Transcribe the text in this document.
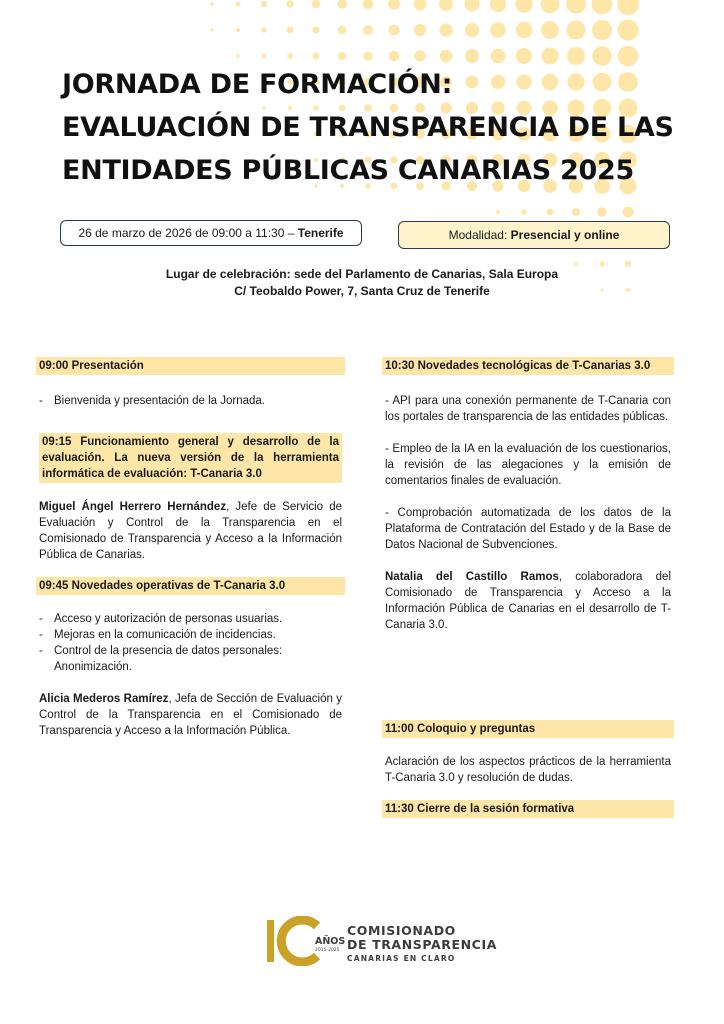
JORNADA DE FORMACIÓN:
EVALUACIÓN DE TRANSPARENCIA DE LAS
ENTIDADES PÚBLICAS CANARIAS 2025
26 de marzo de 2026 de 09:00 a 11:30 –
Tenerife	Modalidad:
Presencial y online
Lugar de celebración: sede del Parlamento de Canarias, Sala Europa
C/ Teobaldo Power, 7, Santa Cruz de Tenerife
09:00 Presentación
- Bienvenida y presentación de la Jornada.
09:15 Funcionamiento general y desarrollo de la evaluación. La nueva versión de la herramienta informática de evaluación: T-Canaria 3.0

Miguel Ángel Herrero Hernández, Jefe de Servicio de Evaluación y Control de la Transparencia en el Comisionado de Transparencia y Acceso a la Información Pública de Canarias.

09:45 Novedades operativas de T-Canaria 3.0
- Acceso y autorización de personas usuarias.
- Mejoras en la comunicación de incidencias.
- Control de la presencia de datos personales: Anonimización.

Alicia Mederos Ramírez, Jefa de Sección de Evaluación y Control de la Transparencia en el Comisionado de Transparencia y Acceso a la Información Pública.

10:30 Novedades tecnológicas de T-Canarias 3.0

- API para una conexión permanente de T-Canaria con los portales de transparencia de las entidades públicas.

- Empleo de la IA en la evaluación de los cuestionarios, la revisión de las alegaciones y la emisión de comentarios finales de evaluación.

- Comprobación automatizada de los datos de la Plataforma de Contratación del Estado y de la Base de Datos Nacional de Subvenciones.

Natalia del Castillo Ramos, colaboradora del Comisionado de Transparencia y Acceso a la Información Pública de Canarias en el desarrollo de T-Canaria 3.0.

11:00 Coloquio y preguntas

Aclaración de los aspectos prácticos de la herramienta T-Canaria 3.0 y resolución de dudas.

11:30 Cierre de la sesión formativa
AÑOS
2015-2025
COMISIONADO
DE TRANSPARENCIA
CANARIAS EN CLARO
